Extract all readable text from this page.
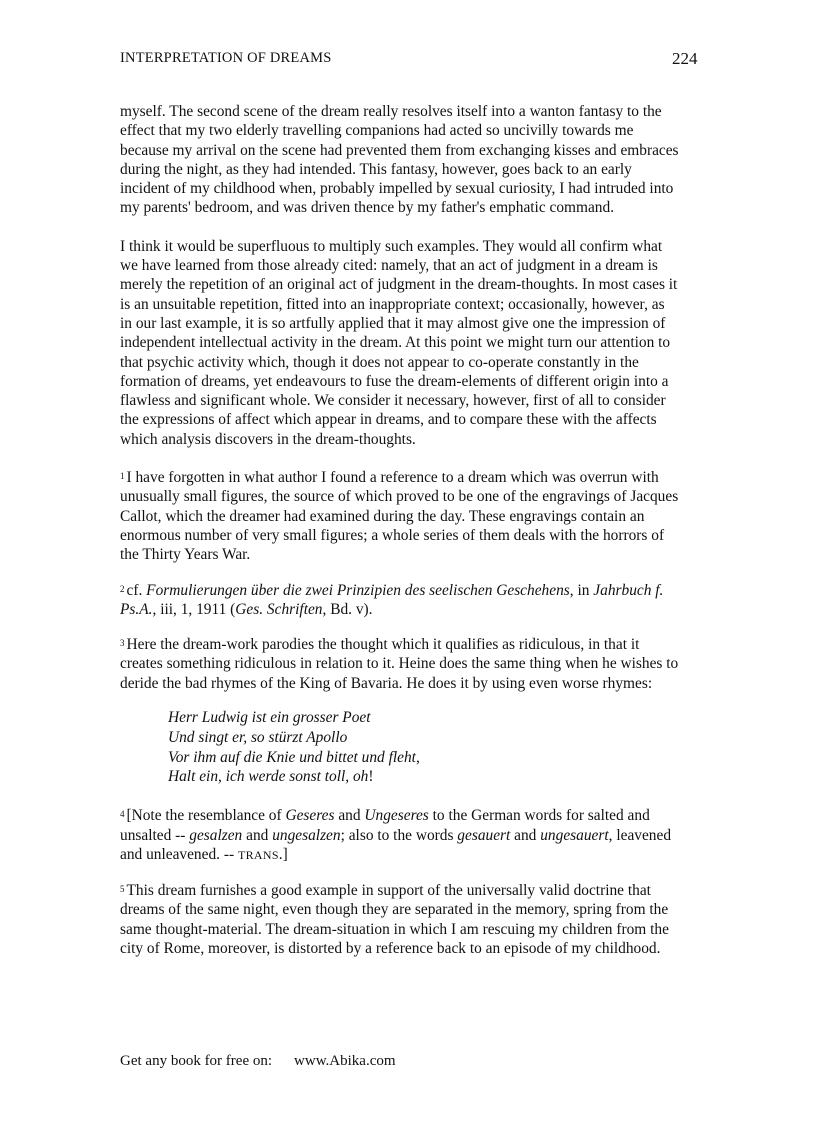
INTERPRETATION OF DREAMS	224

myself. The second scene of the dream really resolves itself into a wanton fantasy to the effect that my two elderly travelling companions had acted so uncivilly towards me because my arrival on the scene had prevented them from exchanging kisses and embraces during the night, as they had intended. This fantasy, however, goes back to an early incident of my childhood when, probably impelled by sexual curiosity, I had intruded into my parents' bedroom, and was driven thence by my father's emphatic command.

I think it would be superfluous to multiply such examples. They would all confirm what we have learned from those already cited: namely, that an act of judgment in a dream is merely the repetition of an original act of judgment in the dream-thoughts. In most cases it is an unsuitable repetition, fitted into an inappropriate context; occasionally, however, as in our last example, it is so artfully applied that it may almost give one the impression of independent intellectual activity in the dream. At this point we might turn our attention to that psychic activity which, though it does not appear to co-operate constantly in the formation of dreams, yet endeavours to fuse the dream-elements of different origin into a flawless and significant whole. We consider it necessary, however, first of all to consider the expressions of affect which appear in dreams, and to compare these with the affects which analysis discovers in the dream-thoughts.

$^1$ I have forgotten in what author I found a reference to a dream which was overrun with unusually small figures, the source of which proved to be one of the engravings of Jacques Callot, which the dreamer had examined during the day. These engravings contain an enormous number of very small figures; a whole series of them deals with the horrors of the Thirty Years War.

$^2$ cf. Formulierungen über die zwei Prinzipien des seelischen Geschehens, in Jahrbuch f. Ps.A., iii, 1, 1911 (Ges. Schriften, Bd. v).

$^3$ Here the dream-work parodies the thought which it qualifies as ridiculous, in that it creates something ridiculous in relation to it. Heine does the same thing when he wishes to deride the bad rhymes of the King of Bavaria. He does it by using even worse rhymes:

Herr Ludwig ist ein grosser Poet
Und singt er, so stürzt Apollo
Vor ihm auf die Knie und bittet und fleht,
Halt ein, ich werde sonst toll, oh!

$^4$ [Note the resemblance of Geseres and Ungeseres to the German words for salted and unsalted -- gesalzen and ungesalzen; also to the words gesauert and ungesauert, leavened and unleavened. -- TRANS.]

$^5$ This dream furnishes a good example in support of the universally valid doctrine that dreams of the same night, even though they are separated in the memory, spring from the same thought-material. The dream-situation in which I am rescuing my children from the city of Rome, moreover, is distorted by a reference back to an episode of my childhood.

Get any book for free on: www.Abika.com
